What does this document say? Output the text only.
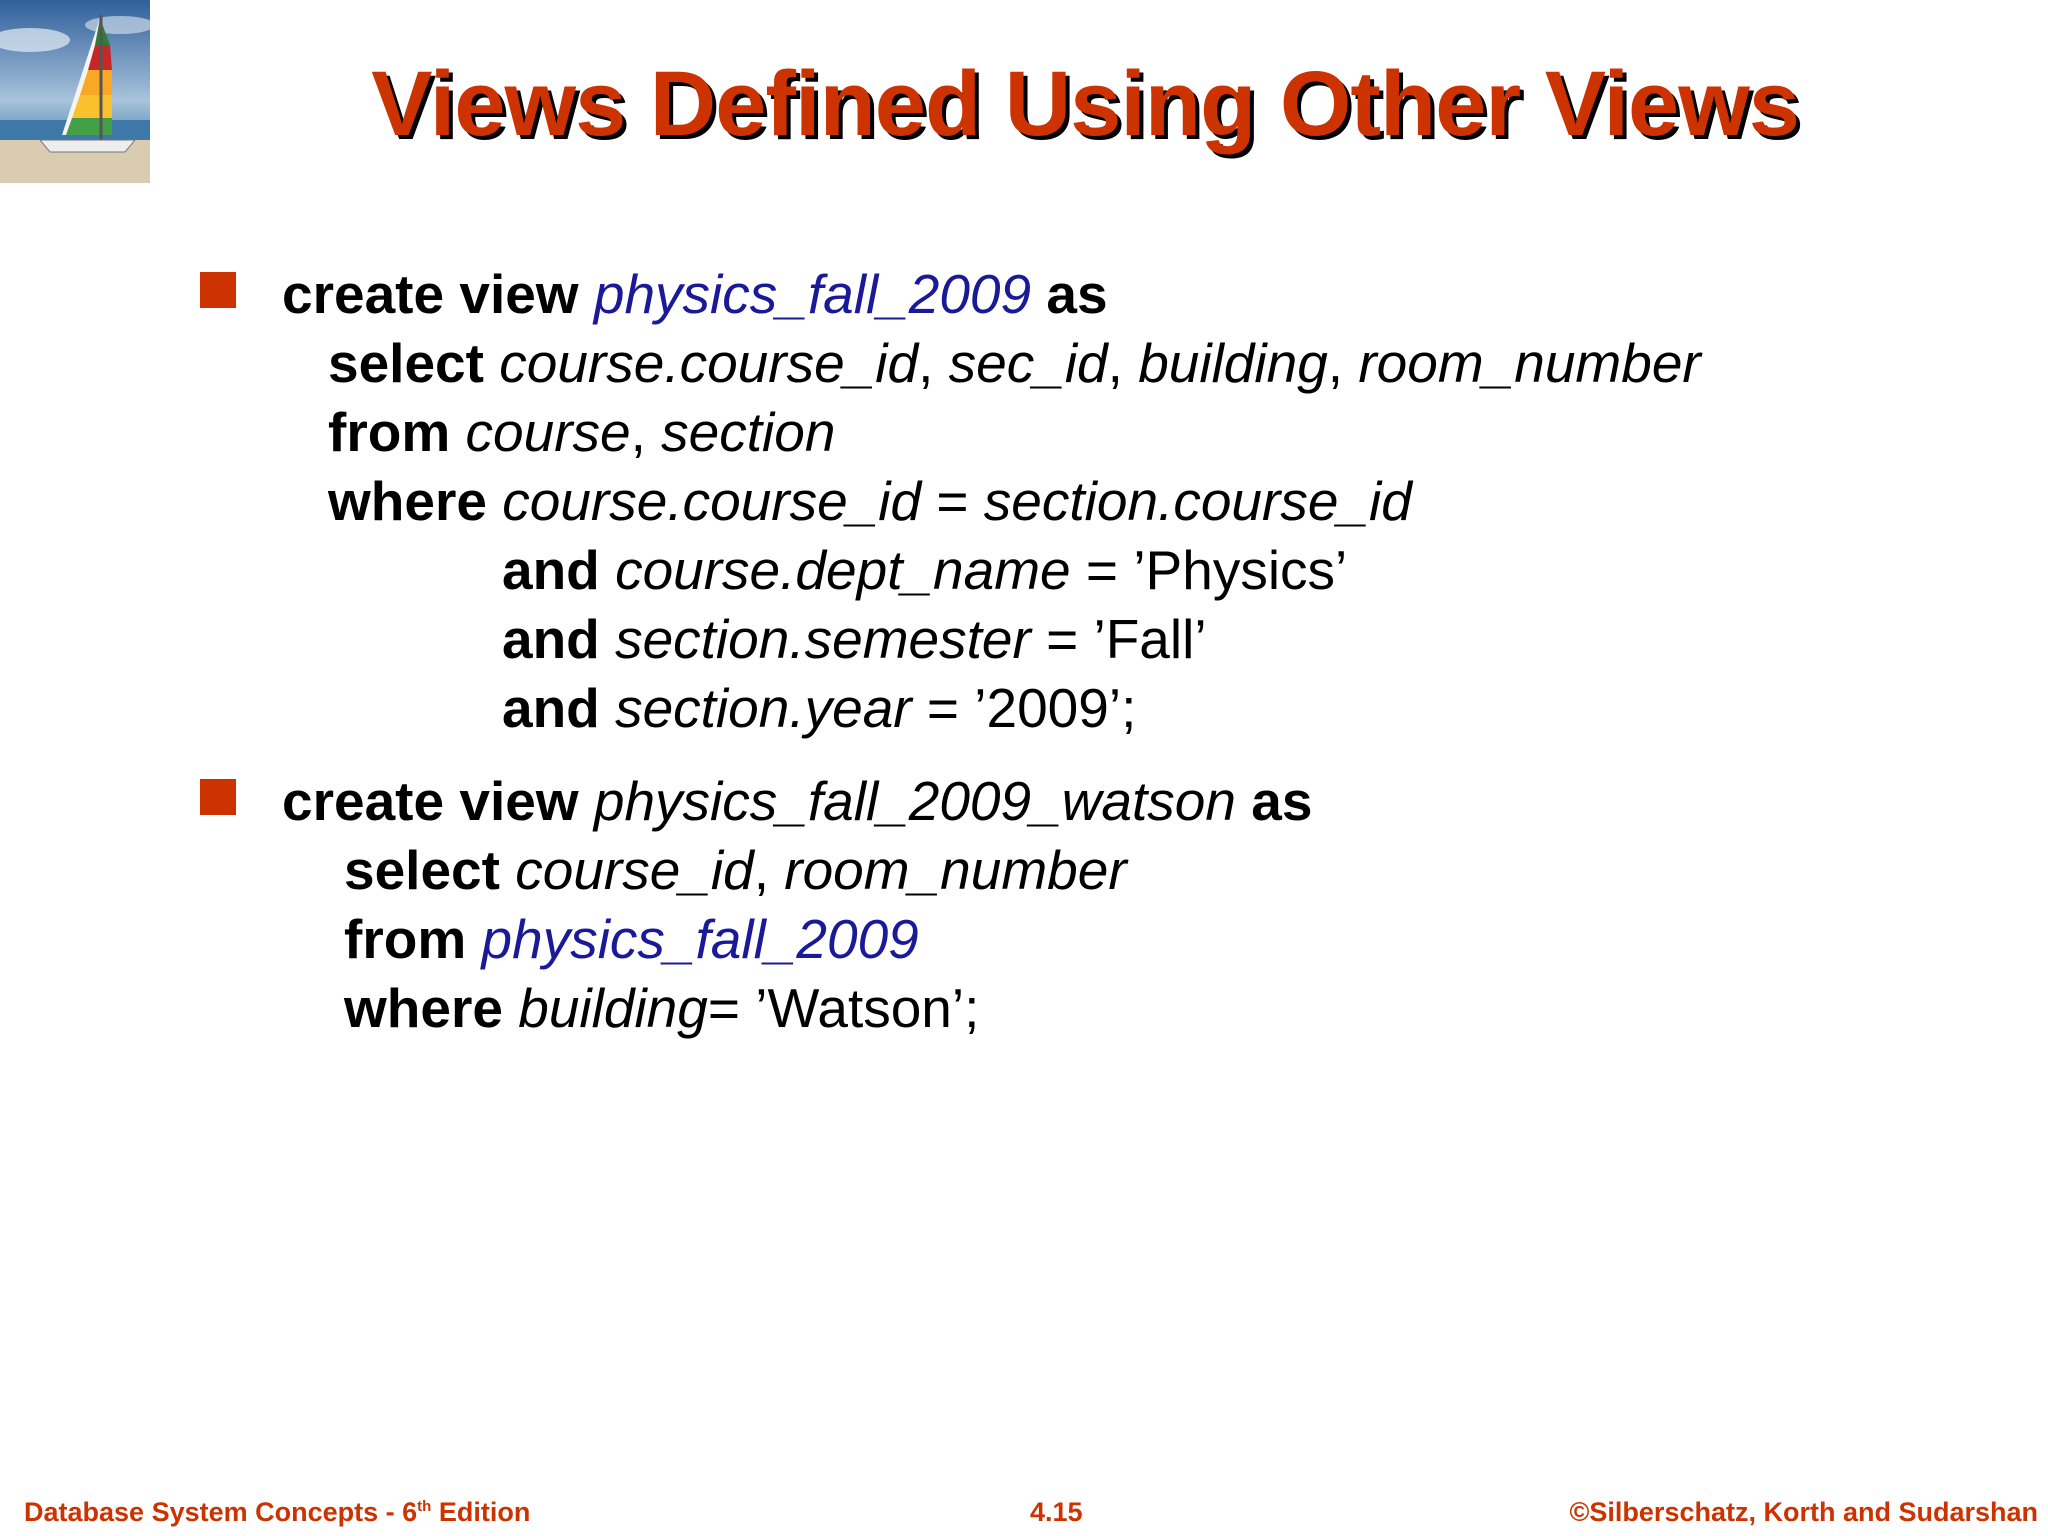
Views Defined Using Other Views
create view physics_fall_2009 as
select course.course_id, sec_id, building, room_number
from course, section
where course.course_id = section.course_id
and course.dept_name = ’Physics’
and section.semester = ’Fall’
and section.year = ’2009’;
create view physics_fall_2009_watson as
select course_id, room_number
from physics_fall_2009
where building= ’Watson’;
Database System Concepts - 6th Edition	4.15	©Silberschatz, Korth and Sudarshan
